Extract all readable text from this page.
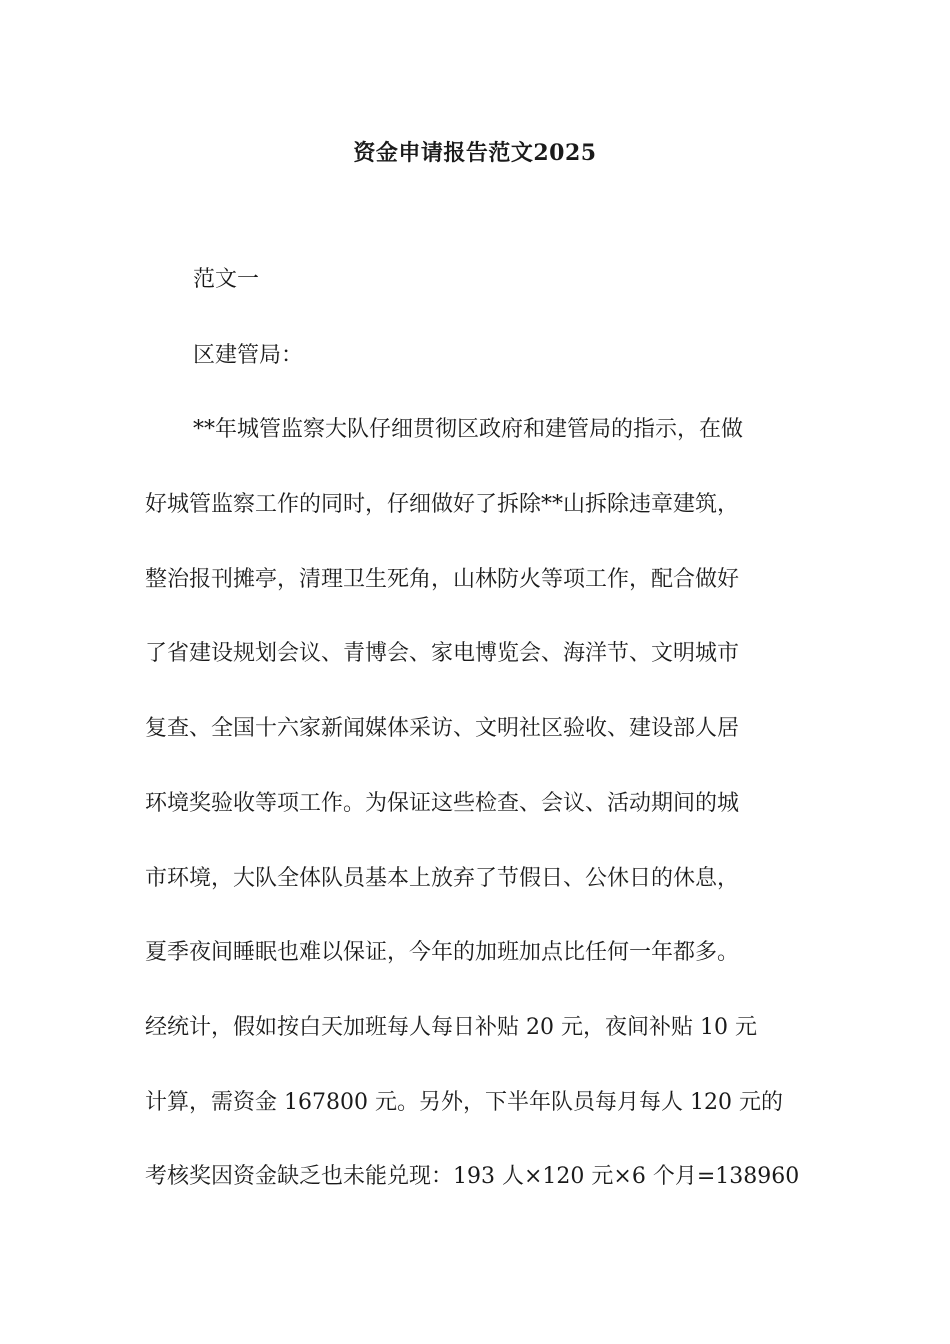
资金申请报告范文2025
范文一
区建管局：
**年城管监察大队仔细贯彻区政府和建管局的指示，在做
好城管监察工作的同时，仔细做好了拆除**山拆除违章建筑，
整治报刊摊亭，清理卫生死角，山林防火等项工作，配合做好
了省建设规划会议、青博会、家电博览会、海洋节、文明城市
复查、全国十六家新闻媒体采访、文明社区验收、建设部人居
环境奖验收等项工作。为保证这些检查、会议、活动期间的城
市环境，大队全体队员基本上放弃了节假日、公休日的休息，
夏季夜间睡眠也难以保证，今年的加班加点比任何一年都多。
经统计，假如按白天加班每人每日补贴 20 元，夜间补贴 10 元
计算，需资金 167800 元。另外，下半年队员每月每人 120 元的
考核奖因资金缺乏也未能兑现：193 人×120 元×6 个月=138960
